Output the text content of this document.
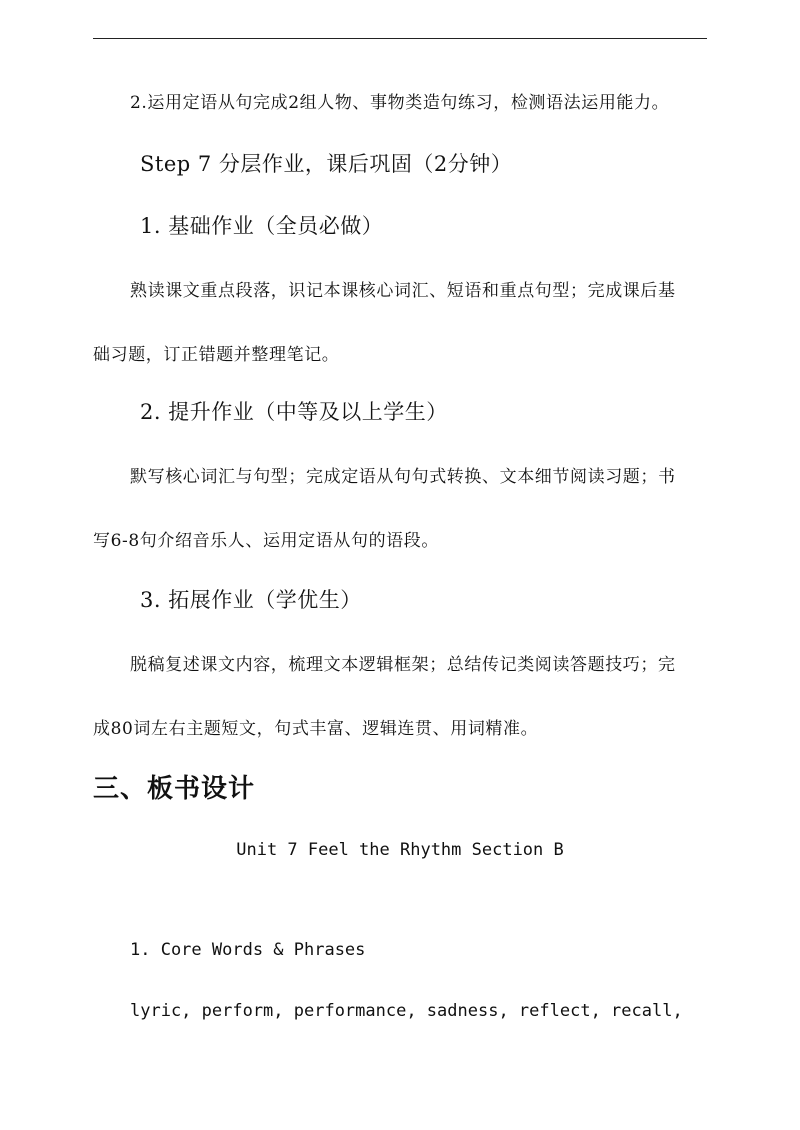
2.运用定语从句完成2组人物、事物类造句练习，检测语法运用能力。
Step 7 分层作业，课后巩固（2分钟）
1. 基础作业（全员必做）
熟读课文重点段落，识记本课核心词汇、短语和重点句型；完成课后基
础习题，订正错题并整理笔记。
2. 提升作业（中等及以上学生）
默写核心词汇与句型；完成定语从句句式转换、文本细节阅读习题；书
写6-8句介绍音乐人、运用定语从句的语段。
3. 拓展作业（学优生）
脱稿复述课文内容，梳理文本逻辑框架；总结传记类阅读答题技巧；完
成80词左右主题短文，句式丰富、逻辑连贯、用词精准。
三、板书设计
Unit 7 Feel the Rhythm Section B
1. Core Words & Phrases
lyric, perform, performance, sadness, reflect, recall,
